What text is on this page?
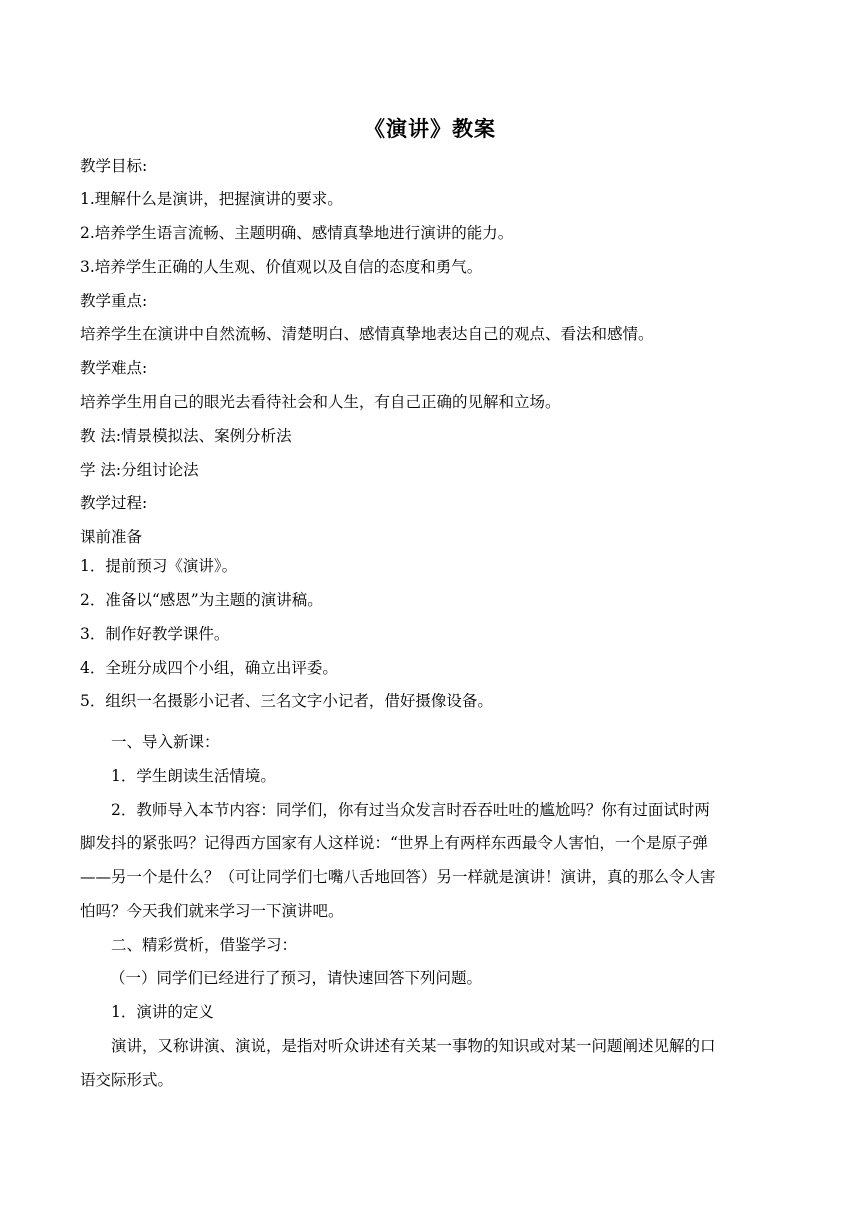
《演讲》教案
教学目标:
1.理解什么是演讲，把握演讲的要求。
2.培养学生语言流畅、主题明确、感情真挚地进行演讲的能力。
3.培养学生正确的人生观、价值观以及自信的态度和勇气。
教学重点:
培养学生在演讲中自然流畅、清楚明白、感情真挚地表达自己的观点、看法和感情。
教学难点:
培养学生用自己的眼光去看待社会和人生，有自己正确的见解和立场。
教 法:情景模拟法、案例分析法
学 法:分组讨论法
教学过程:
课前准备
1．提前预习《演讲》。
2．准备以“感恩”为主题的演讲稿。
3．制作好教学课件。
4．全班分成四个小组，确立出评委。
5．组织一名摄影小记者、三名文字小记者，借好摄像设备。
一、导入新课：
1．学生朗读生活情境。
2．教师导入本节内容：同学们，你有过当众发言时吞吞吐吐的尴尬吗？你有过面试时两
脚发抖的紧张吗？记得西方国家有人这样说：“世界上有两样东西最令人害怕，一个是原子弹
——另一个是什么？（可让同学们七嘴八舌地回答）另一样就是演讲！演讲，真的那么令人害
怕吗？今天我们就来学习一下演讲吧。
二、精彩赏析，借鉴学习：
（一）同学们已经进行了预习，请快速回答下列问题。
1．演讲的定义
演讲，又称讲演、演说，是指对听众讲述有关某一事物的知识或对某一问题阐述见解的口
语交际形式。
